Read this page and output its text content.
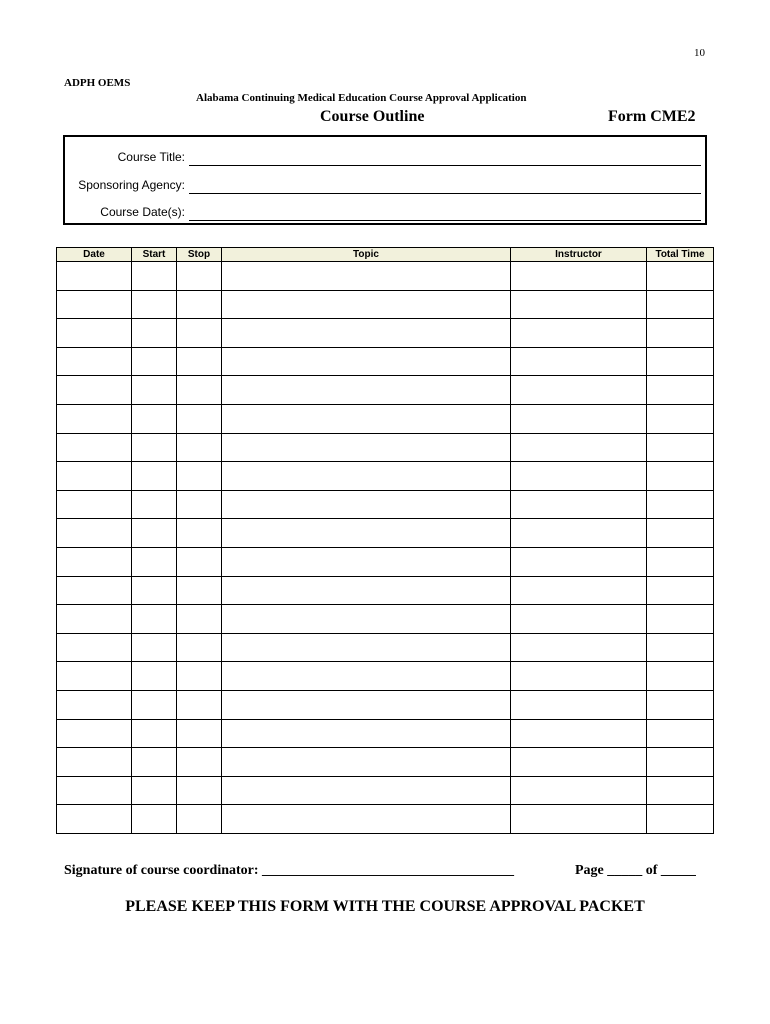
10
ADPH OEMS
Alabama Continuing Medical Education Course Approval Application
Course Outline	Form CME2
Course Title:
Sponsoring Agency:
Course Date(s):
Date	Start	Stop	Topic	Instructor	Total Time

Signature of course coordinator: ____________________________________	Page _____ of _____
PLEASE KEEP THIS FORM WITH THE COURSE APPROVAL PACKET
